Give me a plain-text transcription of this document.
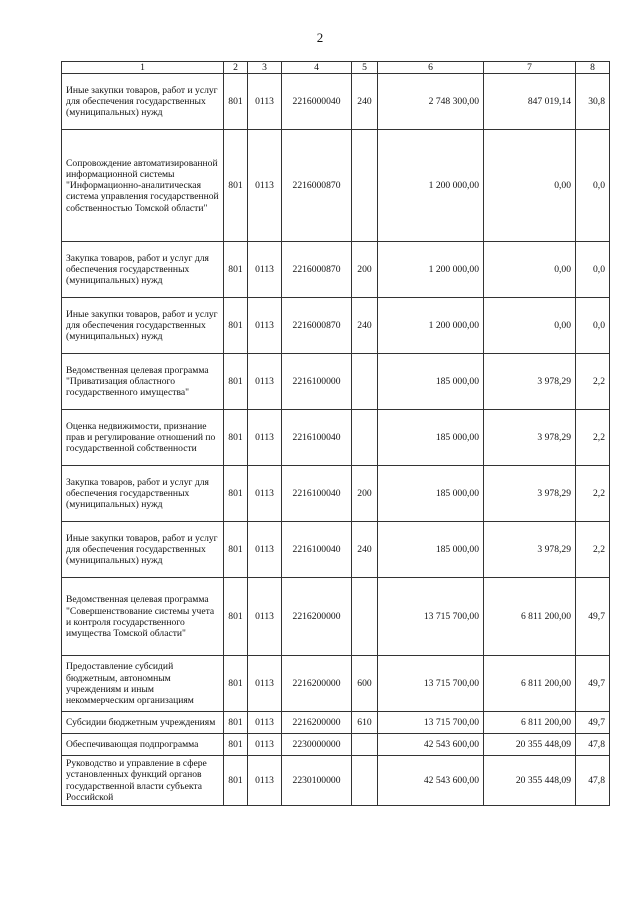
2
1	2	3	4	5	6	7	8
Иные закупки товаров, работ и услуг для обеспечения государственных (муниципальных) нужд	801	0113	2216000040	240	2 748 300,00	847 019,14	30,8
Сопровождение автоматизированной информационной системы "Информационно-аналитическая система управления государственной собственностью Томской области"	801	0113	2216000870		1 200 000,00	0,00	0,0
Закупка товаров, работ и услуг для обеспечения государственных (муниципальных) нужд	801	0113	2216000870	200	1 200 000,00	0,00	0,0
Иные закупки товаров, работ и услуг для обеспечения государственных (муниципальных) нужд	801	0113	2216000870	240	1 200 000,00	0,00	0,0
Ведомственная целевая программа "Приватизация областного государственного имущества"	801	0113	2216100000		185 000,00	3 978,29	2,2
Оценка недвижимости, признание прав и регулирование отношений по государственной собственности	801	0113	2216100040		185 000,00	3 978,29	2,2
Закупка товаров, работ и услуг для обеспечения государственных (муниципальных) нужд	801	0113	2216100040	200	185 000,00	3 978,29	2,2
Иные закупки товаров, работ и услуг для обеспечения государственных (муниципальных) нужд	801	0113	2216100040	240	185 000,00	3 978,29	2,2
Ведомственная целевая программа "Совершенствование системы учета и контроля государственного имущества Томской области"	801	0113	2216200000		13 715 700,00	6 811 200,00	49,7
Предоставление субсидий бюджетным, автономным учреждениям и иным некоммерческим организациям	801	0113	2216200000	600	13 715 700,00	6 811 200,00	49,7
Субсидии бюджетным учреждениям	801	0113	2216200000	610	13 715 700,00	6 811 200,00	49,7
Обеспечивающая подпрограмма	801	0113	2230000000		42 543 600,00	20 355 448,09	47,8
Руководство и управление в сфере установленных функций органов государственной власти субъекта Российской	801	0113	2230100000		42 543 600,00	20 355 448,09	47,8
